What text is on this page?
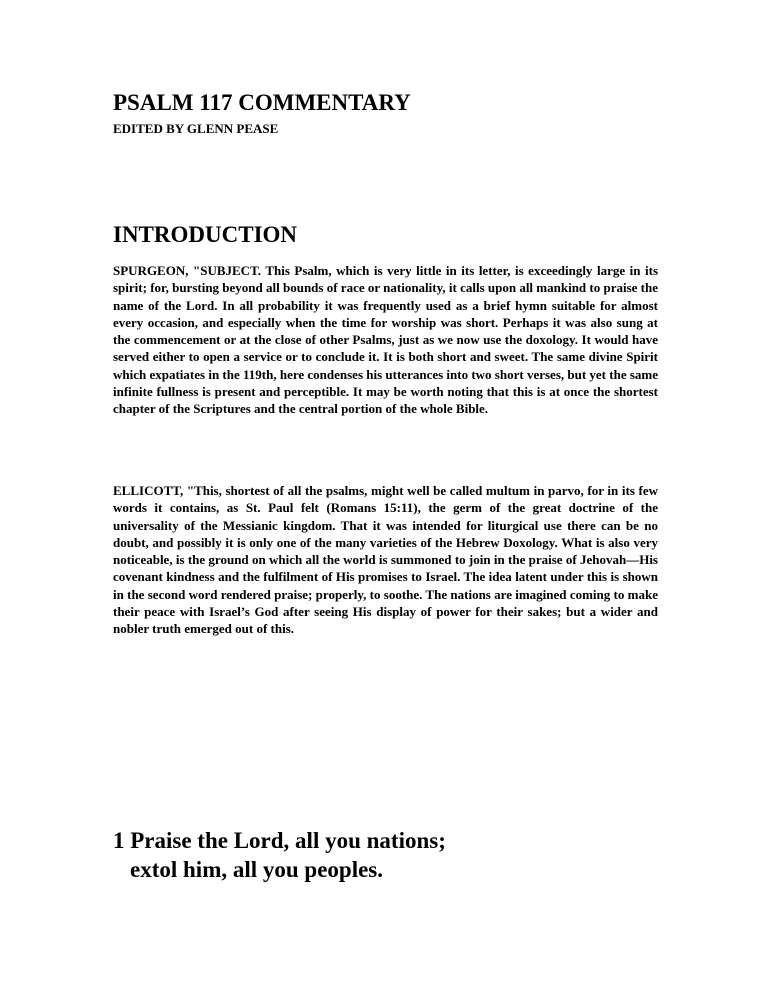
PSALM 117 COMMENTARY
EDITED BY GLENN PEASE
INTRODUCTION

SPURGEON, "SUBJECT. This Psalm, which is very little in its letter, is exceedingly large in its spirit; for, bursting beyond all bounds of race or nationality, it calls upon all mankind to praise the name of the Lord. In all probability it was frequently used as a brief hymn suitable for almost every occasion, and especially when the time for worship was short. Perhaps it was also sung at the commencement or at the close of other Psalms, just as we now use the doxology. It would have served either to open a service or to conclude it. It is both short and sweet. The same divine Spirit which expatiates in the 119th, here condenses his utterances into two short verses, but yet the same infinite fullness is present and perceptible. It may be worth noting that this is at once the shortest chapter of the Scriptures and the central portion of the whole Bible.

ELLICOTT, "This, shortest of all the psalms, might well be called multum in parvo, for in its few words it contains, as St. Paul felt (Romans 15:11), the germ of the great doctrine of the universality of the Messianic kingdom. That it was intended for liturgical use there can be no doubt, and possibly it is only one of the many varieties of the Hebrew Doxology. What is also very noticeable, is the ground on which all the world is summoned to join in the praise of Jehovah—His covenant kindness and the fulfilment of His promises to Israel. The idea latent under this is shown in the second word rendered praise; properly, to soothe. The nations are imagined coming to make their peace with Israel’s God after seeing His display of power for their sakes; but a wider and nobler truth emerged out of this.

1 Praise the Lord, all you nations;
extol him, all you peoples.
